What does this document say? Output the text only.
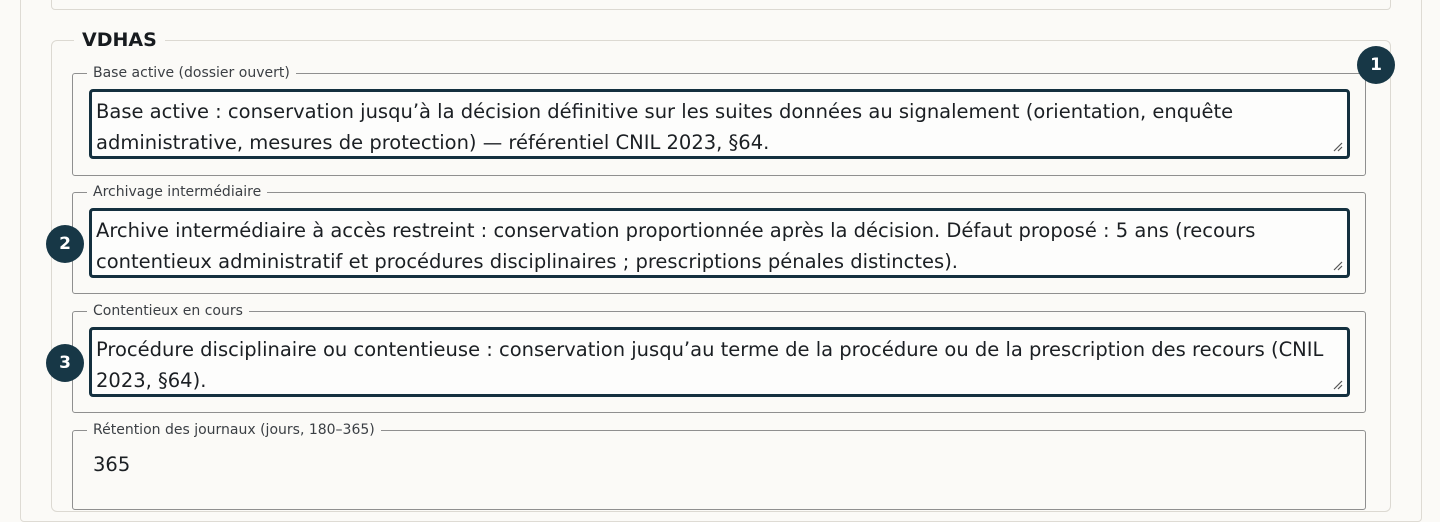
VDHAS
Base active (dossier ouvert)
Base active : conservation jusqu’à la décision définitive sur les suites données au signalement (orientation, enquête administrative, mesures de protection) — référentiel CNIL 2023, §64.
Archivage intermédiaire
Archive intermédiaire à accès restreint : conservation proportionnée après la décision. Défaut proposé : 5 ans (recours contentieux administratif et procédures disciplinaires ; prescriptions pénales distinctes).
Contentieux en cours
Procédure disciplinaire ou contentieuse : conservation jusqu’au terme de la procédure ou de la prescription des recours (CNIL 2023, §64).
Rétention des journaux (jours, 180–365)
365
1
2
3
